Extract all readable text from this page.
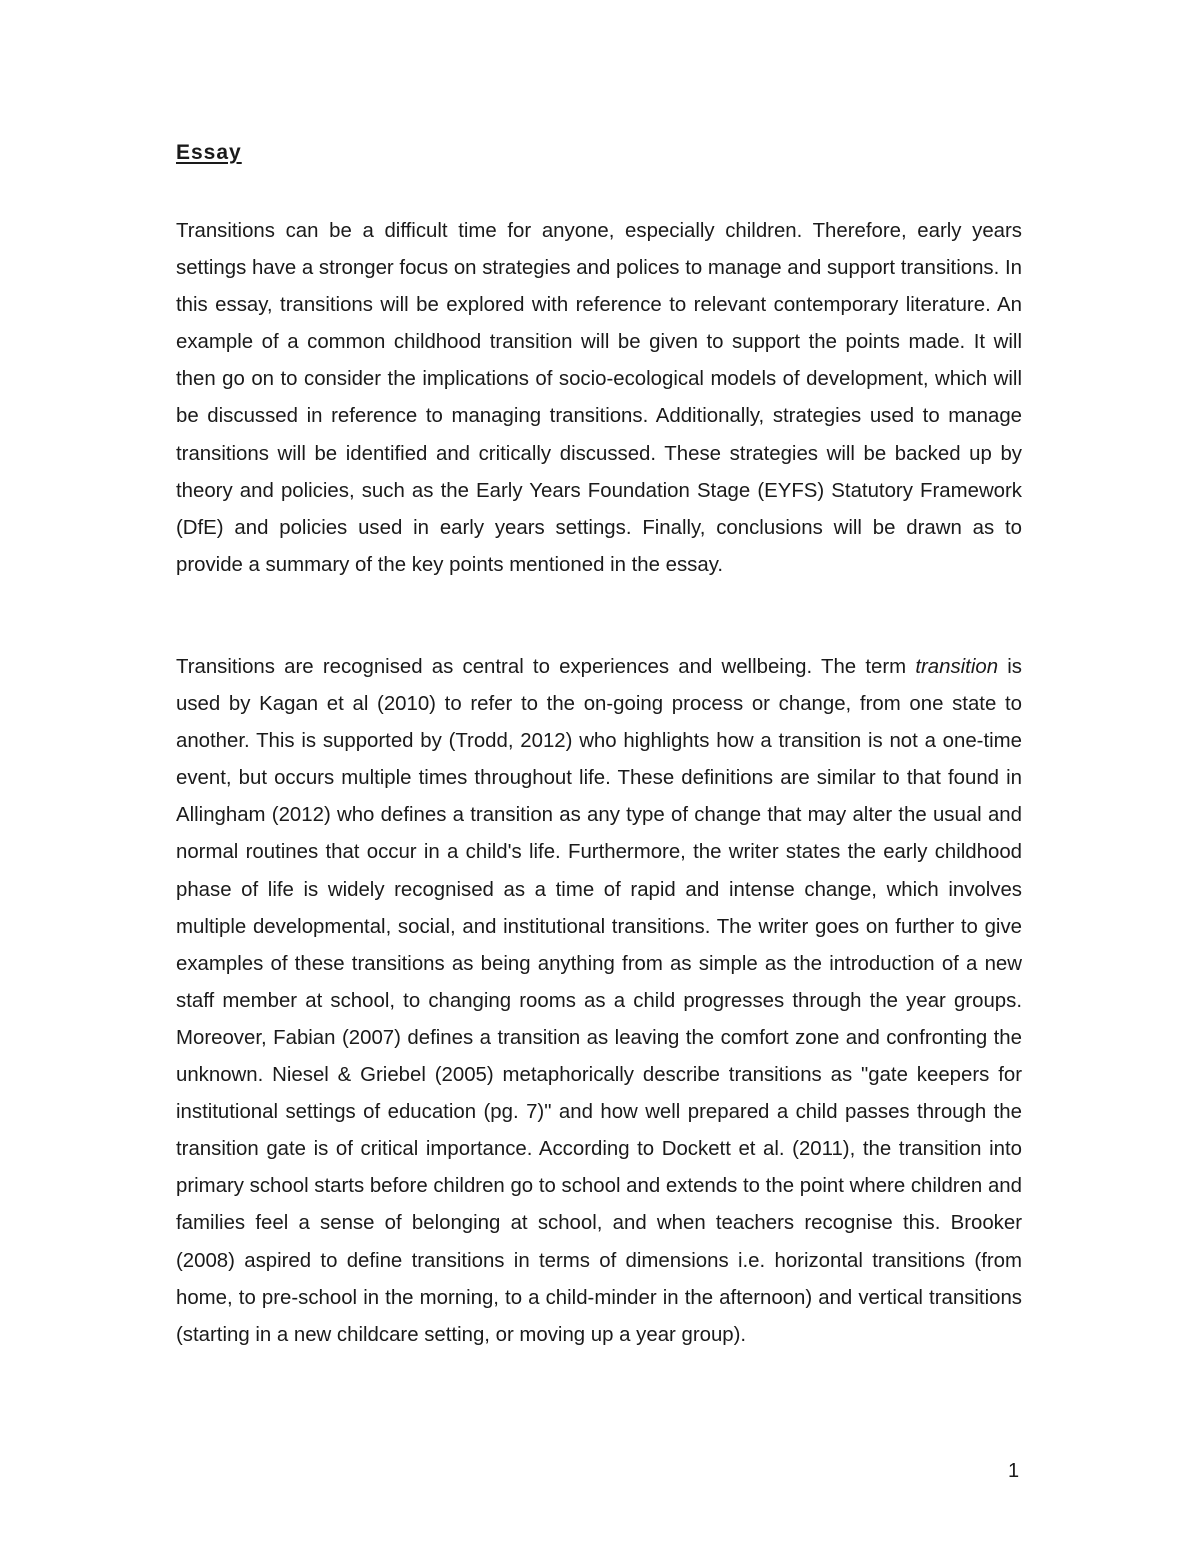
Essay

Transitions can be a difficult time for anyone, especially children. Therefore, early years settings have a stronger focus on strategies and polices to manage and support transitions. In this essay, transitions will be explored with reference to relevant contemporary literature. An example of a common childhood transition will be given to support the points made. It will then go on to consider the implications of socio-ecological models of development, which will be discussed in reference to managing transitions. Additionally, strategies used to manage transitions will be identified and critically discussed. These strategies will be backed up by theory and policies, such as the Early Years Foundation Stage (EYFS) Statutory Framework (DfE) and policies used in early years settings. Finally, conclusions will be drawn as to provide a summary of the key points mentioned in the essay.

Transitions are recognised as central to experiences and wellbeing. The term transition is used by Kagan et al (2010) to refer to the on-going process or change, from one state to another. This is supported by (Trodd, 2012) who highlights how a transition is not a one-time event, but occurs multiple times throughout life. These definitions are similar to that found in Allingham (2012) who defines a transition as any type of change that may alter the usual and normal routines that occur in a child's life. Furthermore, the writer states the early childhood phase of life is widely recognised as a time of rapid and intense change, which involves multiple developmental, social, and institutional transitions. The writer goes on further to give examples of these transitions as being anything from as simple as the introduction of a new staff member at school, to changing rooms as a child progresses through the year groups. Moreover, Fabian (2007) defines a transition as leaving the comfort zone and confronting the unknown. Niesel & Griebel (2005) metaphorically describe transitions as "gate keepers for institutional settings of education (pg. 7)" and how well prepared a child passes through the transition gate is of critical importance. According to Dockett et al. (2011), the transition into primary school starts before children go to school and extends to the point where children and families feel a sense of belonging at school, and when teachers recognise this. Brooker (2008) aspired to define transitions in terms of dimensions i.e. horizontal transitions (from home, to pre-school in the morning, to a child-minder in the afternoon) and vertical transitions (starting in a new childcare setting, or moving up a year group).

1
